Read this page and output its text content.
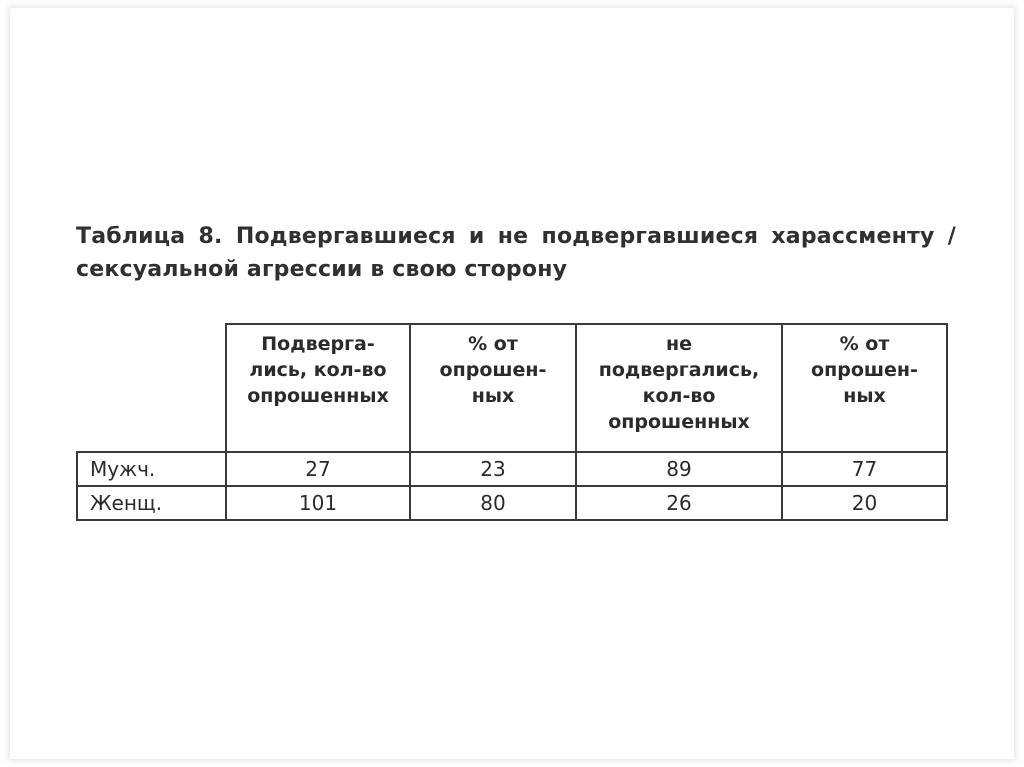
Таблица 8. Подвергавшиеся и не подвергавшиеся харассменту /
сексуальной агрессии в свою сторону

	Подверга-
лись, кол-во
опрошенных	% от
опрошен-
ных	не
подвергались,
кол-во
опрошенных	% от
опрошен-
ных

Мужч.	27	23	89	77
Женщ.	101	80	26	20
